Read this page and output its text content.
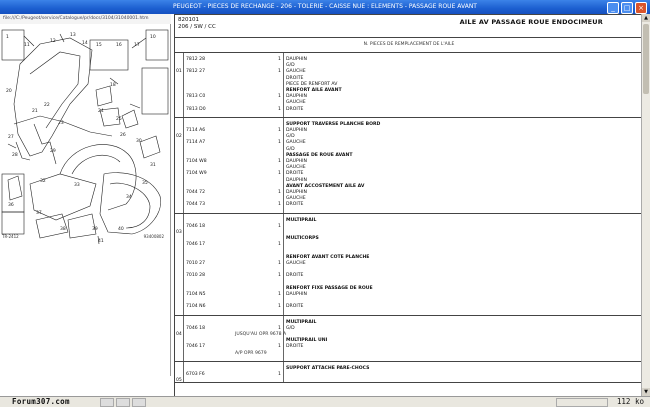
PEUGEOT - PIECES DE RECHANGE - 206 - TOLERIE - CAISSE NUE : ELEMENTS - PASSAGE ROUE AVANT	_	□	×
file:///C:/Peugeot/service/Catalogue/pr/docs/3104/31040001.htm
1	10
11
12
13
14 15	16	17
18
20
21
22
23
24
25
26
27
28
29
30
31
32
33
34
35
36
37
38	39	40
41
TR-2412	93400802
820101
206 / SW / CC
AILE AV PASSAGE ROUE ENDOCIMEUR
N. PIECES DE REMPLACEMENT DE L'AILE
01
7812 28	1 DAUPHIN
G/D
7812 27	1 GAUCHE
DROITE
PIECE DE RENFORT AV
RENFORT AILE AVANT
7813 C0	1 DAUPHIN
GAUCHE
7813 D0	1 DROITE
02
SUPPORT TRAVERSE PLANCHE BORD
7114 A6	1 DAUPHIN
G/D
7114 A7	1 GAUCHE
G/D
PASSAGE DE ROUE AVANT
7104 W8	1 DAUPHIN
GAUCHE
7104 W9	1 DROITE
DAUPHIN
AVANT ACCOSTEMENT AILE AV
7044 72	1 DAUPHIN
GAUCHE
7044 73	1 DROITE
03
MULTIPRAIL
7046 18	1
MULTICORPS
7046 17	1
RENFORT AVANT COTE PLANCHE
7010 27	1 GAUCHE
7010 28	1 DROITE
RENFORT FIXE PASSAGE DE ROUE
7104 N5	1 DAUPHIN
7104 N6	1 DROITE
04
MULTIPRAIL
7046 18	1 G/D
JUSQU'AU OPR 9678 A
MULTIPRAIL UNI
7046 17	1 DROITE
A/P OPR 9679
05
SUPPORT ATTACHE PARE-CHOCS
6703 F6	1
▲
▼
Forum307.com	112 ko
